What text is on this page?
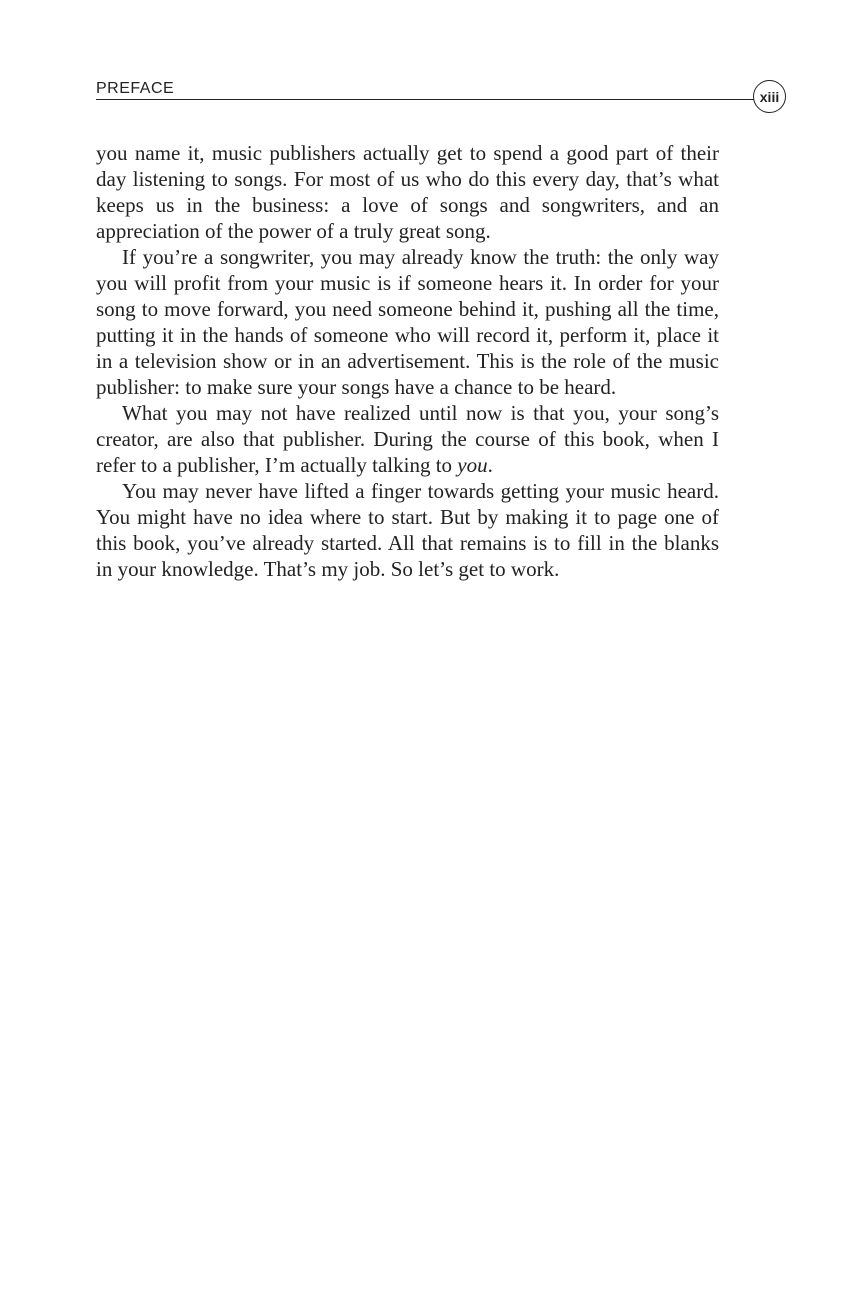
PREFACE	xiii

you name it, music publishers actually get to spend a good part of their day listening to songs. For most of us who do this every day, that’s what keeps us in the business: a love of songs and songwriters, and an appreciation of the power of a truly great song.

If you’re a songwriter, you may already know the truth: the only way you will profit from your music is if someone hears it. In order for your song to move forward, you need someone behind it, pushing all the time, putting it in the hands of someone who will record it, perform it, place it in a television show or in an advertisement. This is the role of the music publisher: to make sure your songs have a chance to be heard.

What you may not have realized until now is that you, your song’s creator, are also that publisher. During the course of this book, when I refer to a publisher, I’m actually talking to you.

You may never have lifted a finger towards getting your music heard. You might have no idea where to start. But by making it to page one of this book, you’ve already started. All that remains is to fill in the blanks in your knowledge. That’s my job. So let’s get to work.
